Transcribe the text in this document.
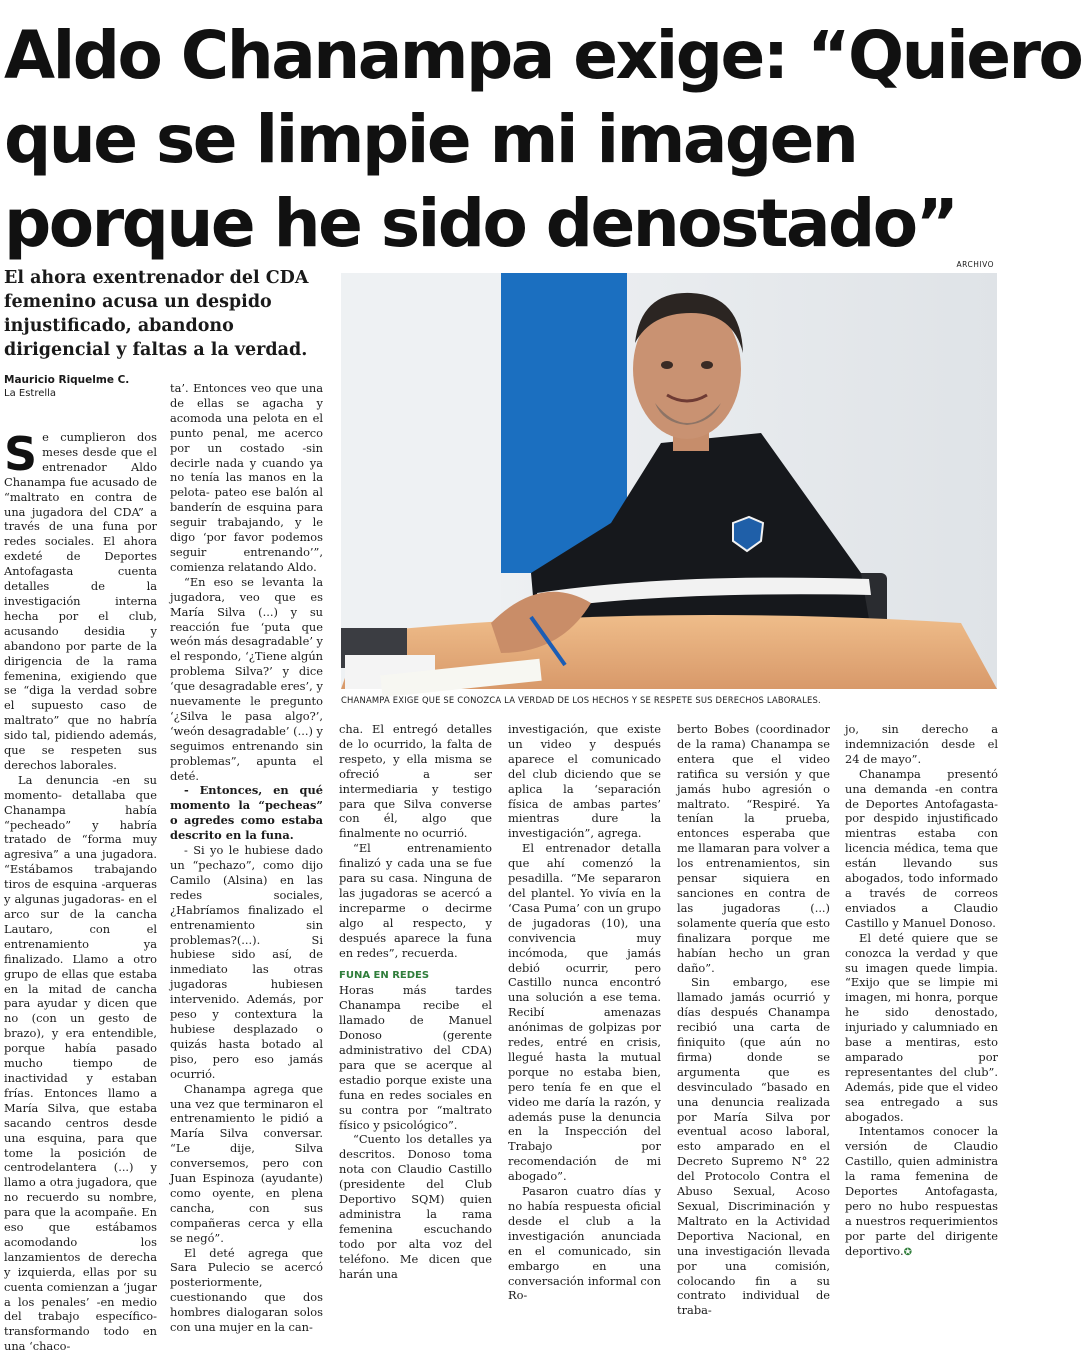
Aldo Chanampa exige: “Quiero
que se limpie mi imagen
porque he sido denostado”

El ahora exentrenador del CDA femenino acusa un despido injustificado, abandono dirigencial y faltas a la verdad.

Mauricio Riquelme C.
La Estrella
ARCHIVO
CHANAMPA EXIGE QUE SE CONOZCA LA VERDAD DE LOS HECHOS Y SE RESPETE SUS DERECHOS LABORALES.

Se cumplieron dos meses desde que el entrenador Aldo Chanampa fue acusado de “maltrato en contra de una jugadora del CDA” a través de una funa por redes sociales. El ahora exdeté de Deportes Antofagasta cuenta detalles de la investigación interna hecha por el club, acusando desidia y abandono por parte de la dirigencia de la rama femenina, exigiendo que se “diga la verdad sobre el supuesto caso de maltrato” que no habría sido tal, pidiendo además, que se respeten sus derechos laborales.

La denuncia -en su momento- detallaba que Chanampa había “pecheado” y habría tratado de “forma muy agresiva” a una jugadora. “Estábamos trabajando tiros de esquina -arqueras y algunas jugadoras- en el arco sur de la cancha Lautaro, con el entrenamiento ya finalizado. Llamo a otro grupo de ellas que estaba en la mitad de cancha para ayudar y dicen que no (con un gesto de brazo), y era entendible, porque había pasado mucho tiempo de inactividad y estaban frías. Entonces llamo a María Silva, que estaba sacando centros desde una esquina, para que tome la posición de centrodelantera (...) y llamo a otra jugadora, que no recuerdo su nombre, para que la acompañe. En eso que estábamos acomodando los lanzamientos de derecha y izquierda, ellas por su cuenta comienzan a ‘jugar a los penales’ -en medio del trabajo específico- transformando todo en una ‘chaco-

ta’. Entonces veo que una de ellas se agacha y acomoda una pelota en el punto penal, me acerco por un costado -sin decirle nada y cuando ya no tenía las manos en la pelota- pateo ese balón al banderín de esquina para seguir trabajando, y le digo ‘por favor podemos seguir entrenando’”, comienza relatando Aldo.

“En eso se levanta la jugadora, veo que es María Silva (...) y su reacción fue ‘puta que weón más desagradable’ y el respondo, ‘¿Tiene algún problema Silva?’ y dice ‘que desagradable eres’, y nuevamente le pregunto ‘¿Silva le pasa algo?’, ‘weón desagradable’ (...) y seguimos entrenando sin problemas”, apunta el deté.

- Entonces, en qué momento la “pecheas” o agredes como estaba descrito en la funa.

- Si yo le hubiese dado un “pechazo”, como dijo Camilo (Alsina) en las redes sociales, ¿Habríamos finalizado el entrenamiento sin problemas?(...). Si hubiese sido así, de inmediato las otras jugadoras hubiesen intervenido. Además, por peso y contextura la hubiese desplazado o quizás hasta botado al piso, pero eso jamás ocurrió.

Chanampa agrega que una vez que terminaron el entrenamiento le pidió a María Silva conversar. “Le dije, Silva conversemos, pero con Juan Espinoza (ayudante) como oyente, en plena cancha, con sus compañeras cerca y ella se negó”.

El deté agrega que Sara Pulecio se acercó posteriormente, cuestionando que dos hombres dialogaran solos con una mujer en la can-

cha. El entregó detalles de lo ocurrido, la falta de respeto, y ella misma se ofreció a ser intermediaria y testigo para que Silva converse con él, algo que finalmente no ocurrió.

“El entrenamiento finalizó y cada una se fue para su casa. Ninguna de las jugadoras se acercó a increparme o decirme algo al respecto, y después aparece la funa en redes”, recuerda.

FUNA EN REDES

Horas más tardes Chanampa recibe el llamado de Manuel Donoso (gerente administrativo del CDA) para que se acerque al estadio porque existe una funa en redes sociales en su contra por “maltrato físico y psicológico”.

“Cuento los detalles ya descritos. Donoso toma nota con Claudio Castillo (presidente del Club Deportivo SQM) quien administra la rama femenina escuchando todo por alta voz del teléfono. Me dicen que harán una

investigación, que existe un video y después aparece el comunicado del club diciendo que se aplica la ‘separación física de ambas partes’ mientras dure la investigación”, agrega.

El entrenador detalla que ahí comenzó la pesadilla. “Me separaron del plantel. Yo vivía en la ‘Casa Puma’ con un grupo de jugadoras (10), una convivencia muy incómoda, que jamás debió ocurrir, pero Castillo nunca encontró una solución a ese tema. Recibí amenazas anónimas de golpizas por redes, entré en crisis, llegué hasta la mutual porque no estaba bien, pero tenía fe en que el video me daría la razón, y además puse la denuncia en la Inspección del Trabajo por recomendación de mi abogado”.

Pasaron cuatro días y no había respuesta oficial desde el club a la investigación anunciada en el comunicado, sin embargo en una conversación informal con Ro-

berto Bobes (coordinador de la rama) Chanampa se entera que el video ratifica su versión y que jamás hubo agresión o maltrato. “Respiré. Ya tenían la prueba, entonces esperaba que me llamaran para volver a los entrenamientos, sin pensar siquiera en sanciones en contra de las jugadoras (...) solamente quería que esto finalizara porque me habían hecho un gran daño”.

Sin embargo, ese llamado jamás ocurrió y días después Chanampa recibió una carta de finiquito (que aún no firma) donde se argumenta que es desvinculado “basado en una denuncia realizada por María Silva por eventual acoso laboral, esto amparado en el Decreto Supremo N° 22 del Protocolo Contra el Abuso Sexual, Acoso Sexual, Discriminación y Maltrato en la Actividad Deportiva Nacional, en una investigación llevada por una comisión, colocando fin a su contrato individual de traba-

jo, sin derecho a indemnización desde el 24 de mayo”.

Chanampa presentó una demanda -en contra de Deportes Antofagasta- por despido injustificado mientras estaba con licencia médica, tema que están llevando sus abogados, todo informado a través de correos enviados a Claudio Castillo y Manuel Donoso.

El deté quiere que se conozca la verdad y que su imagen quede limpia. “Exijo que se limpie mi imagen, mi honra, porque he sido denostado, injuriado y calumniado en base a mentiras, esto amparado por representantes del club”. Además, pide que el video sea entregado a sus abogados.

Intentamos conocer la versión de Claudio Castillo, quien administra la rama femenina de Deportes Antofagasta, pero no hubo respuestas a nuestros requerimientos por parte del dirigente deportivo.✪
